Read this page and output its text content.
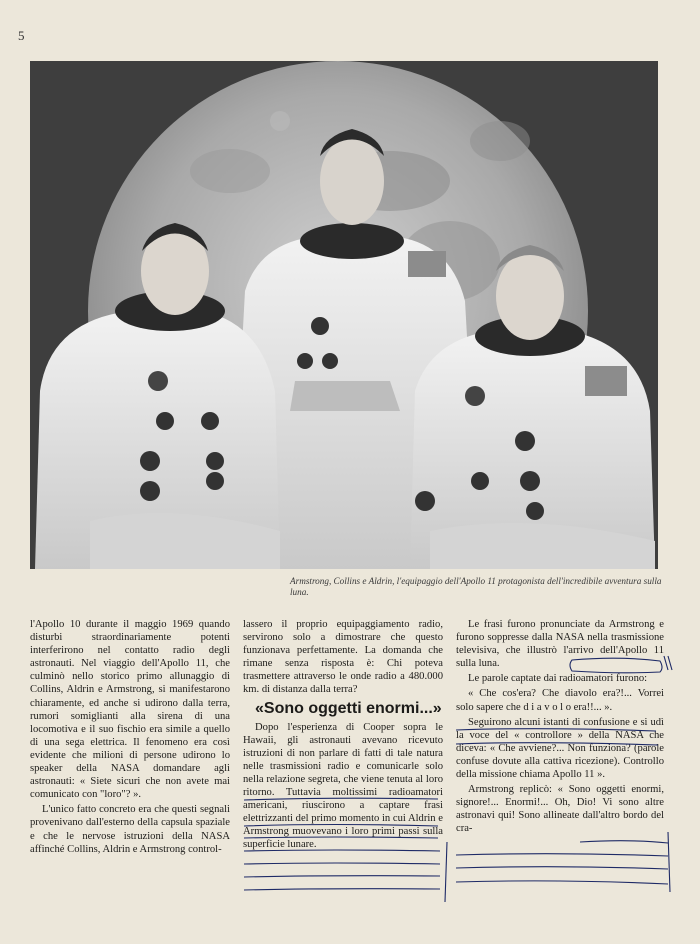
5
Armstrong, Collins e Aldrin, l'equipaggio dell'Apollo 11 protagonista dell'incredibile avventura sulla luna.

l'Apollo 10 durante il maggio 1969 quando disturbi straordinariamente potenti interferirono nel contatto radio degli astronauti. Nel viaggio dell'Apollo 11, che culminò nello storico primo allunaggio di Collins, Aldrin e Armstrong, si manifestarono chiaramente, ed anche si udirono dalla terra, rumori somiglianti alla sirena di una locomotiva e il suo fischio era simile a quello di una sega elettrica. Il fenomeno era così evidente che milioni di persone udirono lo speaker della NASA domandare agli astronauti: « Siete sicuri che non avete mai comunicato con "loro"? ».

L'unico fatto concreto era che questi segnali provenivano dall'esterno della capsula spaziale e che le nervose istruzioni della NASA affinché Collins, Aldrin e Armstrong control-

lassero il proprio equipaggiamento radio, servirono solo a dimostrare che questo funzionava perfettamente. La domanda che rimane senza risposta è: Chi poteva trasmettere attraverso le onde radio a 480.000 km. di distanza dalla terra?

«Sono oggetti enormi...»

Dopo l'esperienza di Cooper sopra le Hawaii, gli astronauti avevano ricevuto istruzioni di non parlare di fatti di tale natura nelle trasmissioni radio e comunicarle solo nella relazione segreta, che viene tenuta al loro ritorno. Tuttavia moltissimi radioamatori americani, riuscirono a captare frasi elettrizzanti del primo momento in cui Aldrin e Armstrong muovevano i loro primi passi sulla superficie lunare.

Le frasi furono pronunciate da Armstrong e furono soppresse dalla NASA nella trasmissione televisiva, che illustrò l'arrivo dell'Apollo 11 sulla luna.

Le parole captate dai radioamatori furono:

« Che cos'era? Che diavolo era?!... Vorrei solo sapere che d i a v o l o era!!... ».

Seguirono alcuni istanti di confusione e si udì la voce del « controllore » della NASA che diceva: « Che avviene?... Non funziona? (parole confuse dovute alla cattiva ricezione). Controllo della missione chiama Apollo 11 ».

Armstrong replicò: « Sono oggetti enormi, signore!... Enormi!... Oh, Dio! Vi sono altre astronavi qui! Sono allineate dall'altro bordo del cra-
